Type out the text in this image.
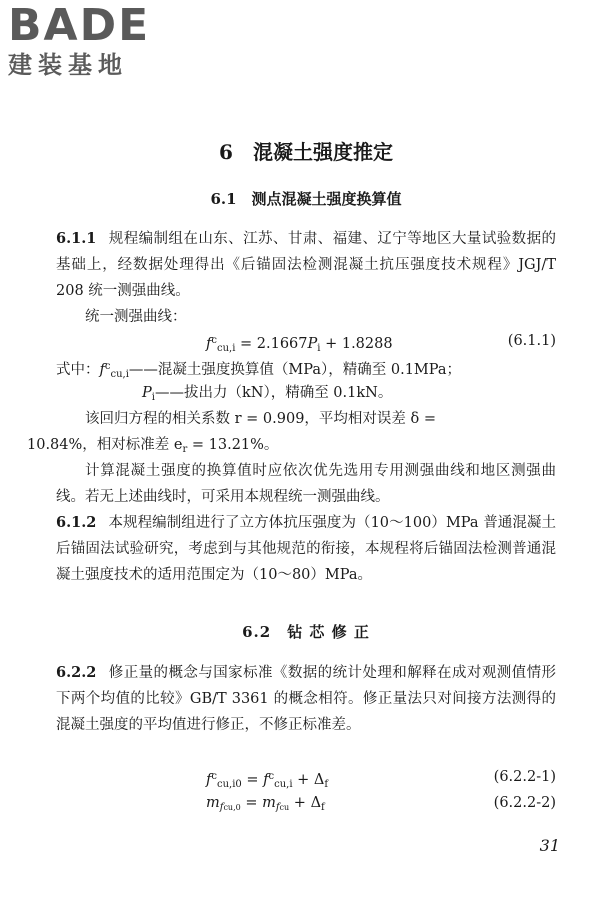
BADE
建装基地
6　混凝土强度推定
6.1　测点混凝土强度换算值
6.1.1 规程编制组在山东、江苏、甘肃、福建、辽宁等地区大量试验数据的基础上，经数据处理得出《后锚固法检测混凝土抗压强度技术规程》JGJ/T 208 统一测强曲线。
统一测强曲线：
$f^c_{cu,i} = 2.1667P_i + 1.8288$	(6.1.1)
式中：$f^c_{cu,i}——$混凝土强度换算值（MPa），精确至 0.1MPa；
$P_i——$拔出力（kN），精确至 0.1kN。
该回归方程的相关系数 r = 0.909，平均相对误差 δ =
10.84%，相对标准差 $e_r = 13.21\%$。
计算混凝土强度的换算值时应依次优先选用专用测强曲线和地区测强曲线。若无上述曲线时，可采用本规程统一测强曲线。
6.1.2 本规程编制组进行了立方体抗压强度为（10～100）MPa 普通混凝土后锚固法试验研究，考虑到与其他规范的衔接，本规程将后锚固法检测普通混凝土强度技术的适用范围定为（10～80）MPa。
6.2　钻 芯 修 正
6.2.2 修正量的概念与国家标准《数据的统计处理和解释在成对观测值情形下两个均值的比较》GB/T 3361 的概念相符。修正量法只对间接方法测得的混凝土强度的平均值进行修正，不修正标准差。
$f^c_{cu,i0} = f^c_{cu,i} + \Delta_f$	(6.2.2-1)
$m_{fcu,0} = m_{fcu} + \Delta_f$	(6.2.2-2)
31
